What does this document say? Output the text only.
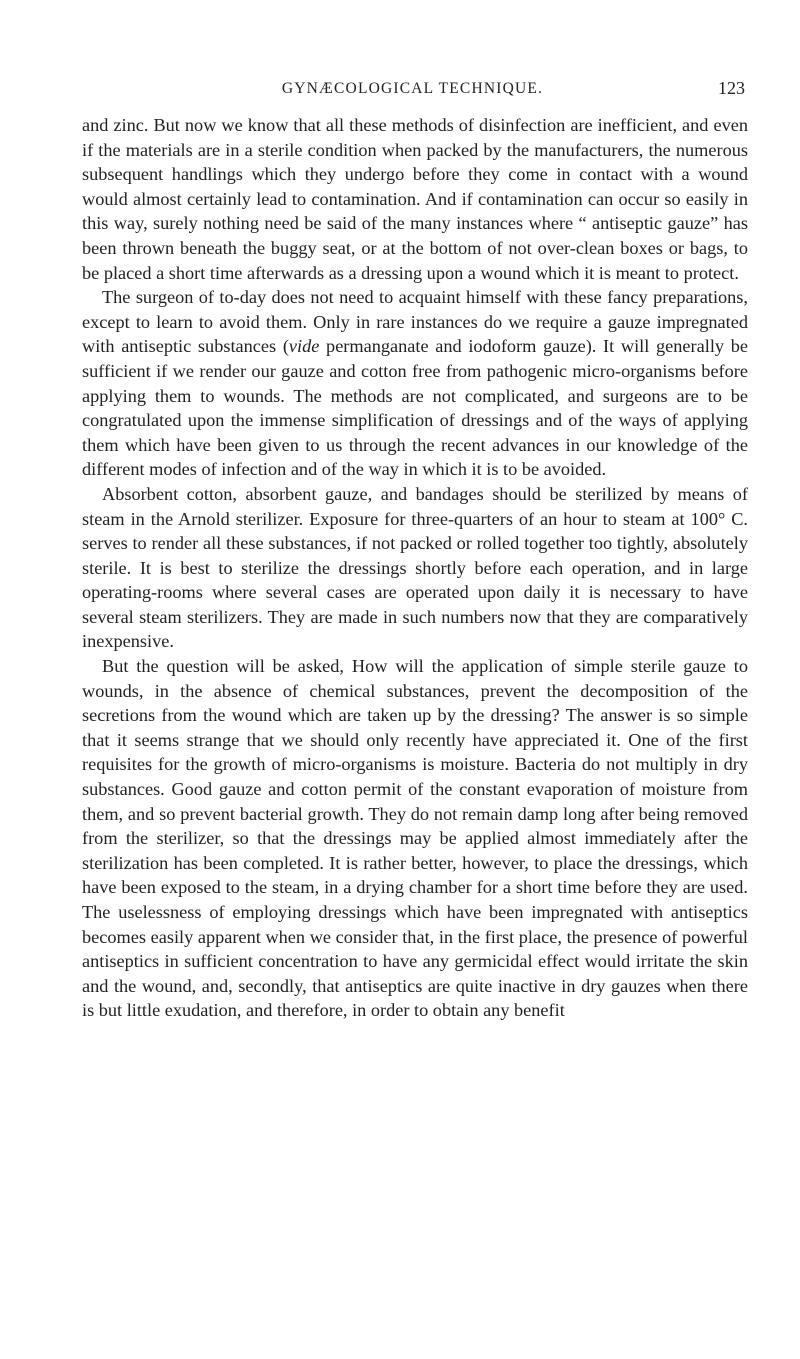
GYNÆCOLOGICAL TECHNIQUE.	123

and zinc. But now we know that all these methods of disinfection are inefficient, and even if the materials are in a sterile condition when packed by the manufacturers, the numerous subsequent handlings which they undergo before they come in contact with a wound would almost certainly lead to contamination. And if contamination can occur so easily in this way, surely nothing need be said of the many instances where “ antiseptic gauze” has been thrown beneath the buggy seat, or at the bottom of not over-clean boxes or bags, to be placed a short time afterwards as a dressing upon a wound which it is meant to protect.

The surgeon of to-day does not need to acquaint himself with these fancy preparations, except to learn to avoid them. Only in rare instances do we require a gauze impregnated with antiseptic substances (vide permanganate and iodoform gauze). It will generally be sufficient if we render our gauze and cotton free from pathogenic micro-organisms before applying them to wounds. The methods are not complicated, and surgeons are to be congratulated upon the immense simplification of dressings and of the ways of applying them which have been given to us through the recent advances in our knowledge of the different modes of infection and of the way in which it is to be avoided.

Absorbent cotton, absorbent gauze, and bandages should be sterilized by means of steam in the Arnold sterilizer. Exposure for three-quarters of an hour to steam at 100° C. serves to render all these substances, if not packed or rolled together too tightly, absolutely sterile. It is best to sterilize the dressings shortly before each operation, and in large operating-rooms where several cases are operated upon daily it is necessary to have several steam sterilizers. They are made in such numbers now that they are comparatively inexpensive.

But the question will be asked, How will the application of simple sterile gauze to wounds, in the absence of chemical substances, prevent the decomposition of the secretions from the wound which are taken up by the dressing? The answer is so simple that it seems strange that we should only recently have appreciated it. One of the first requisites for the growth of micro-organisms is moisture. Bacteria do not multiply in dry substances. Good gauze and cotton permit of the constant evaporation of moisture from them, and so prevent bacterial growth. They do not remain damp long after being removed from the sterilizer, so that the dressings may be applied almost immediately after the sterilization has been completed. It is rather better, however, to place the dressings, which have been exposed to the steam, in a drying chamber for a short time before they are used. The uselessness of employing dressings which have been impregnated with antiseptics becomes easily apparent when we consider that, in the first place, the presence of powerful antiseptics in sufficient concentration to have any germicidal effect would irritate the skin and the wound, and, secondly, that antiseptics are quite inactive in dry gauzes when there is but little exudation, and therefore, in order to obtain any benefit
